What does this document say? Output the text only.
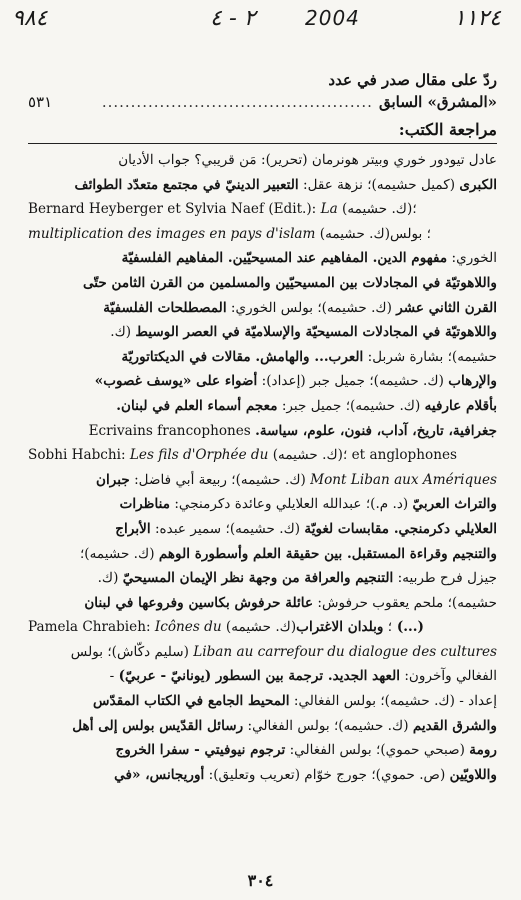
٩٨٤	٢ - ٤ 2004	١١٢٤
ردّ على مقال صدر في عدد
«المشرق» السابق
...............................................
٥٣١
مراجعة الكتب:
عادل تيودور خوري وبيتر هونرمان (تحرير): مَن قريبي؟ جواب الأديان
الكبرى (كميل حشيمه)؛ نزهة عقل: التعبير الدينيّ في مجتمع متعدّد الطوائف
Bernard Heyberger et Sylvia Naef (Edit.): La (ك. حشيمه)؛
multiplication des images en pays d'islam (ك. حشيمه)؛ بولس
الخوري: مفهوم الدين. المفاهيم عند المسيحيّين. المفاهيم الفلسفيّة
واللاهوتيّة في المجادلات بين المسيحيّين والمسلمين من القرن الثامن حتّى
القرن الثاني عشر (ك. حشيمه)؛ بولس الخوري: المصطلحات الفلسفيّة
واللاهوتيّة في المجادلات المسيحيّة والإسلاميّة في العصر الوسيط (ك.
حشيمه)؛ بشارة شربل: العرب... والهامش. مقالات في الديكتاتوريّة
والإرهاب (ك. حشيمه)؛ جميل جبر (إعداد): أضواء على «يوسف غصوب»
بأقلام عارفيه (ك. حشيمه)؛ جميل جبر: معجم أسماء العلم في لبنان.
جغرافية، تاريخ، آداب، فنون، علوم، سياسة. Ecrivains francophones
Sobhi Habchi: Les fils d'Orphée du (ك. حشيمه)؛ et anglophones
Mont Liban aux Amériques (ك. حشيمه)؛ ربيعة أبي فاضل: جبران
والتراث العربيّ (د. م.)؛ عبدالله العلايلي وعائدة دكرمنجي: مناظرات
العلايلي دكرمنجي. مقابسات لغويّة (ك. حشيمه)؛ سمير عبده: الأبراج
والتنجيم وقراءة المستقبل. بين حقيقة العلم وأسطورة الوهم (ك. حشيمه)؛
جيزل فرح طربيه: التنجيم والعرافة من وجهة نظر الإيمان المسيحيّ (ك.
حشيمه)؛ ملحم يعقوب حرفوش: عائلة حرفوش بكاسين وفروعها في لبنان
Pamela Chrabieh: Icônes du (ك. حشيمه)؛ وبلدان الاغتراب (...)
Liban au carrefour du dialogue des cultures (سليم دكّاش)؛ بولس
الفغالي وآخرون: العهد الجديد. ترجمة بين السطور (يونانيّ - عربيّ) -
إعداد - (ك. حشيمه)؛ بولس الفغالي: المحيط الجامع في الكتاب المقدّس
والشرق القديم (ك. حشيمه)؛ بولس الفغالي: رسائل القدّيس بولس إلى أهل
رومة (صبحي حموي)؛ بولس الفغالي: ترجوم نيوفيتي - سفرا الخروج
واللاويّين (ص. حموي)؛ جورج خوّام (تعريب وتعليق): أوريجانس، «في
٣٠٤
